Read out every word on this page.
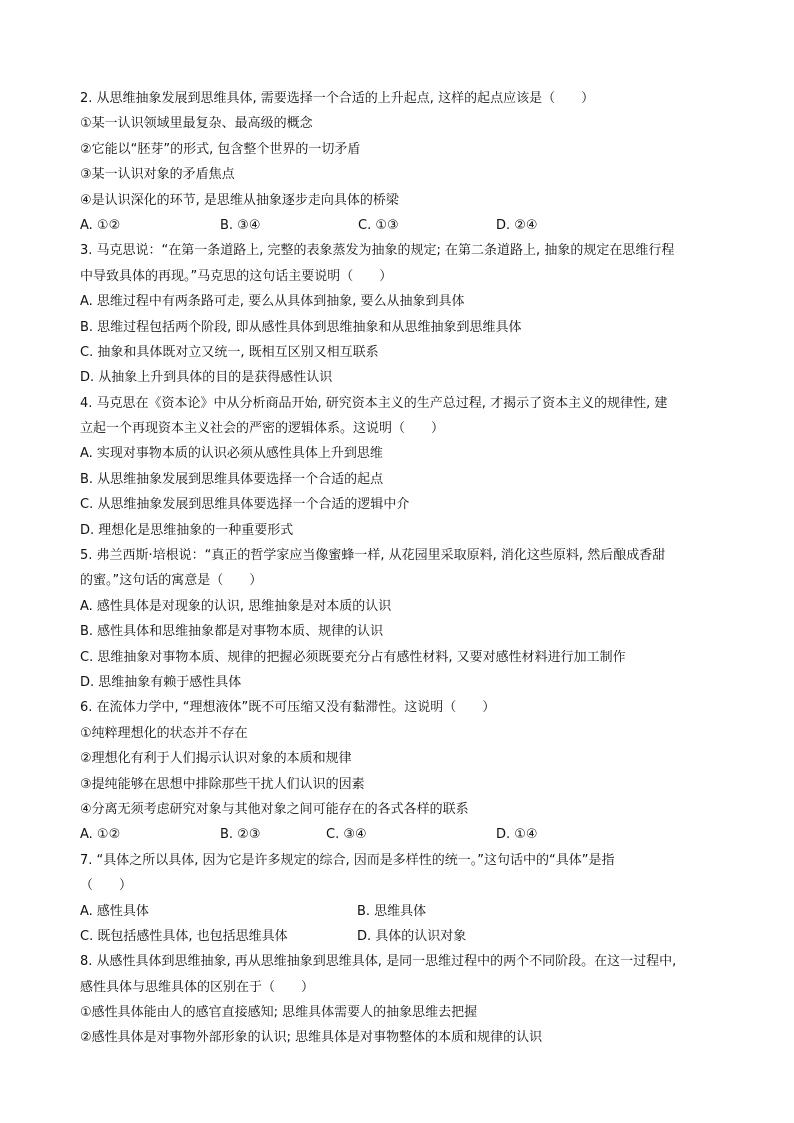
2. 从思维抽象发展到思维具体, 需要选择一个合适的上升起点, 这样的起点应该是（　　）
①某一认识领域里最复杂、最高级的概念
②它能以“胚芽”的形式, 包含整个世界的一切矛盾
③某一认识对象的矛盾焦点
④是认识深化的环节, 是思维从抽象逐步走向具体的桥梁
A. ①②	B. ③④	C. ①③	D. ②④
3. 马克思说：“在第一条道路上, 完整的表象蒸发为抽象的规定; 在第二条道路上, 抽象的规定在思维行程
中导致具体的再现。”马克思的这句话主要说明（　　）
A. 思维过程中有两条路可走, 要么从具体到抽象, 要么从抽象到具体
B. 思维过程包括两个阶段, 即从感性具体到思维抽象和从思维抽象到思维具体
C. 抽象和具体既对立又统一, 既相互区别又相互联系
D. 从抽象上升到具体的目的是获得感性认识
4. 马克思在《资本论》中从分析商品开始, 研究资本主义的生产总过程, 才揭示了资本主义的规律性, 建
立起一个再现资本主义社会的严密的逻辑体系。这说明（　　）
A. 实现对事物本质的认识必须从感性具体上升到思维
B. 从思维抽象发展到思维具体要选择一个合适的起点
C. 从思维抽象发展到思维具体要选择一个合适的逻辑中介
D. 理想化是思维抽象的一种重要形式
5. 弗兰西斯·培根说：“真正的哲学家应当像蜜蜂一样, 从花园里采取原料, 消化这些原料, 然后酿成香甜
的蜜。”这句话的寓意是（　　）
A. 感性具体是对现象的认识, 思维抽象是对本质的认识
B. 感性具体和思维抽象都是对事物本质、规律的认识
C. 思维抽象对事物本质、规律的把握必须既要充分占有感性材料, 又要对感性材料进行加工制作
D. 思维抽象有赖于感性具体
6. 在流体力学中, “理想液体”既不可压缩又没有黏滞性。这说明（　　）
①纯粹理想化的状态并不存在
②理想化有利于人们揭示认识对象的本质和规律
③提纯能够在思想中排除那些干扰人们认识的因素
④分离无须考虑研究对象与其他对象之间可能存在的各式各样的联系
A. ①②	B. ②③	C. ③④	D. ①④
7. “具体之所以具体, 因为它是许多规定的综合, 因而是多样性的统一。”这句话中的“具体”是指
（　　）
A. 感性具体	B. 思维具体
C. 既包括感性具体, 也包括思维具体	D. 具体的认识对象
8. 从感性具体到思维抽象, 再从思维抽象到思维具体, 是同一思维过程中的两个不同阶段。在这一过程中,
感性具体与思维具体的区别在于（　　）
①感性具体能由人的感官直接感知; 思维具体需要人的抽象思维去把握
②感性具体是对事物外部形象的认识; 思维具体是对事物整体的本质和规律的认识
